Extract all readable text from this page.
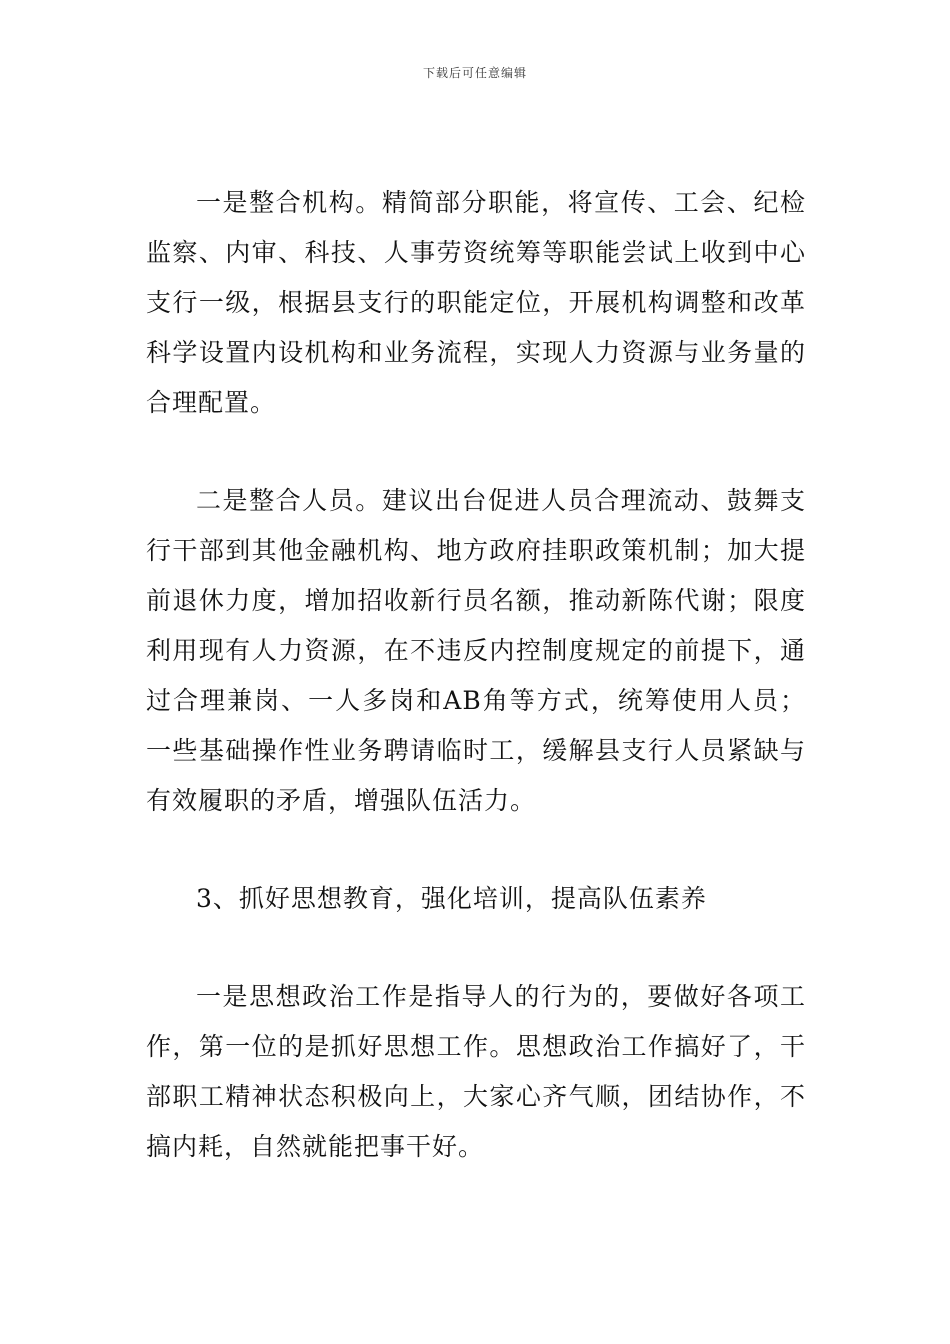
下载后可任意编辑

一是整合机构。精简部分职能，将宣传、工会、纪检监察、内审、科技、人事劳资统筹等职能尝试上收到中心支行一级，根据县支行的职能定位，开展机构调整和改革科学设置内设机构和业务流程，实现人力资源与业务量的合理配置。

二是整合人员。建议出台促进人员合理流动、鼓舞支行干部到其他金融机构、地方政府挂职政策机制；加大提前退休力度，增加招收新行员名额，推动新陈代谢；限度利用现有人力资源，在不违反内控制度规定的前提下，通过合理兼岗、一人多岗和AB角等方式，统筹使用人员；一些基础操作性业务聘请临时工，缓解县支行人员紧缺与有效履职的矛盾，增强队伍活力。

3、抓好思想教育，强化培训，提高队伍素养

一是思想政治工作是指导人的行为的，要做好各项工作，第一位的是抓好思想工作。思想政治工作搞好了，干部职工精神状态积极向上，大家心齐气顺，团结协作，不搞内耗，自然就能把事干好。
